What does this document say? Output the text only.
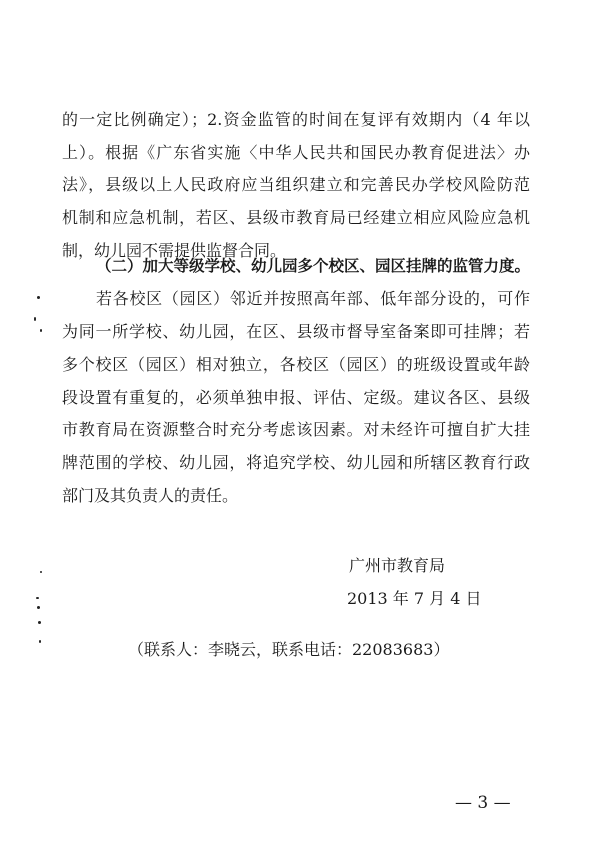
的一定比例确定）；2.资金监管的时间在复评有效期内（4 年以
上）。根据《广东省实施〈中华人民共和国民办教育促进法〉办
法》，县级以上人民政府应当组织建立和完善民办学校风险防范
机制和应急机制，若区、县级市教育局已经建立相应风险应急机
制，幼儿园不需提供监督合同。
（二）加大等级学校、幼儿园多个校区、园区挂牌的监管力度。
若各校区（园区）邻近并按照高年部、低年部分设的，可作
为同一所学校、幼儿园，在区、县级市督导室备案即可挂牌；若
多个校区（园区）相对独立，各校区（园区）的班级设置或年龄
段设置有重复的，必须单独申报、评估、定级。建议各区、县级
市教育局在资源整合时充分考虑该因素。对未经许可擅自扩大挂
牌范围的学校、幼儿园，将追究学校、幼儿园和所辖区教育行政
部门及其负责人的责任。
广州市教育局
2013 年 7 月 4 日
（联系人：李晓云，联系电话：22083683）
— 3 —
